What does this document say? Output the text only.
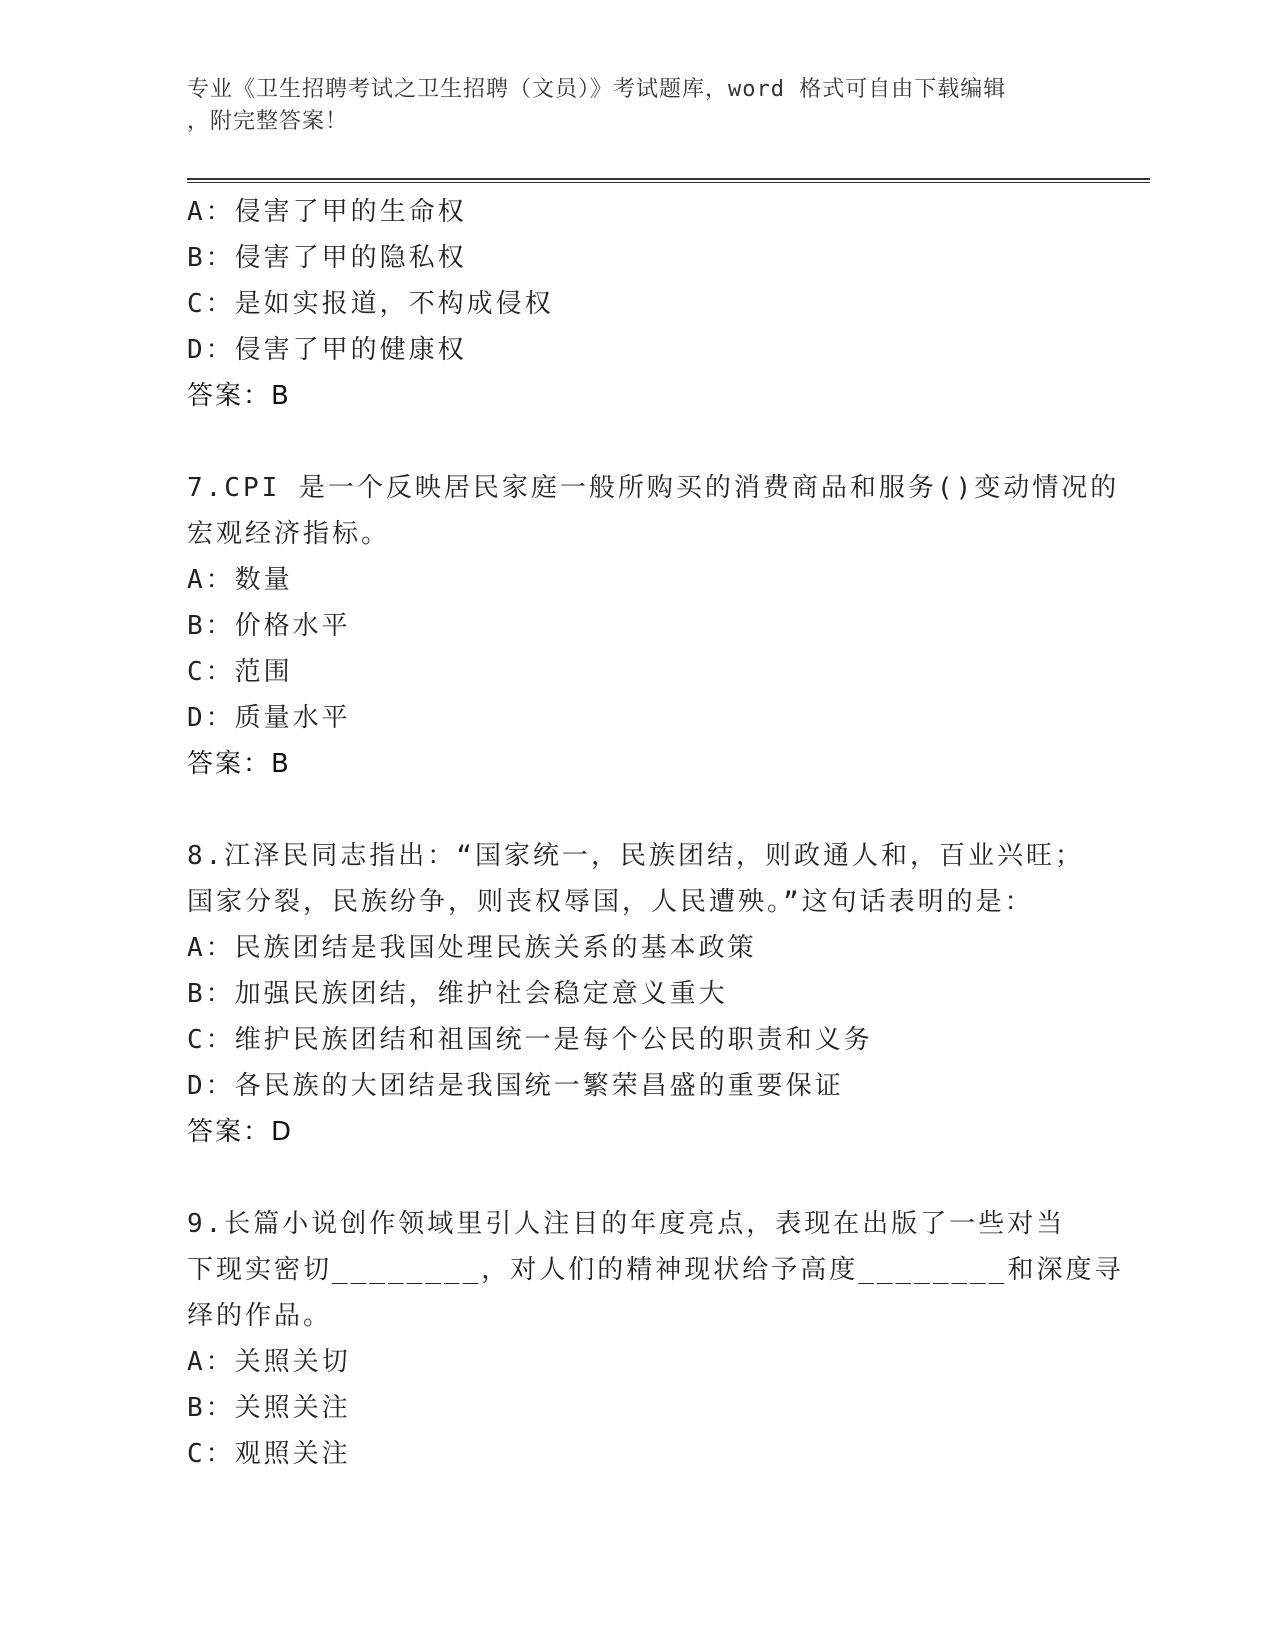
专业《卫生招聘考试之卫生招聘（文员）》考试题库，word 格式可自由下载编辑
，附完整答案！
A：侵害了甲的生命权
B：侵害了甲的隐私权
C：是如实报道，不构成侵权
D：侵害了甲的健康权
答案：B
7.CPI 是一个反映居民家庭一般所购买的消费商品和服务()变动情况的
宏观经济指标。
A：数量
B：价格水平
C：范围
D：质量水平
答案：B
8.江泽民同志指出：“国家统一，民族团结，则政通人和，百业兴旺；
国家分裂，民族纷争，则丧权辱国，人民遭殃。”这句话表明的是：
A：民族团结是我国处理民族关系的基本政策
B：加强民族团结，维护社会稳定意义重大
C：维护民族团结和祖国统一是每个公民的职责和义务
D：各民族的大团结是我国统一繁荣昌盛的重要保证
答案：D
9.长篇小说创作领域里引人注目的年度亮点，表现在出版了一些对当
下现实密切________，对人们的精神现状给予高度________和深度寻
绎的作品。
A：关照关切
B：关照关注
C：观照关注
